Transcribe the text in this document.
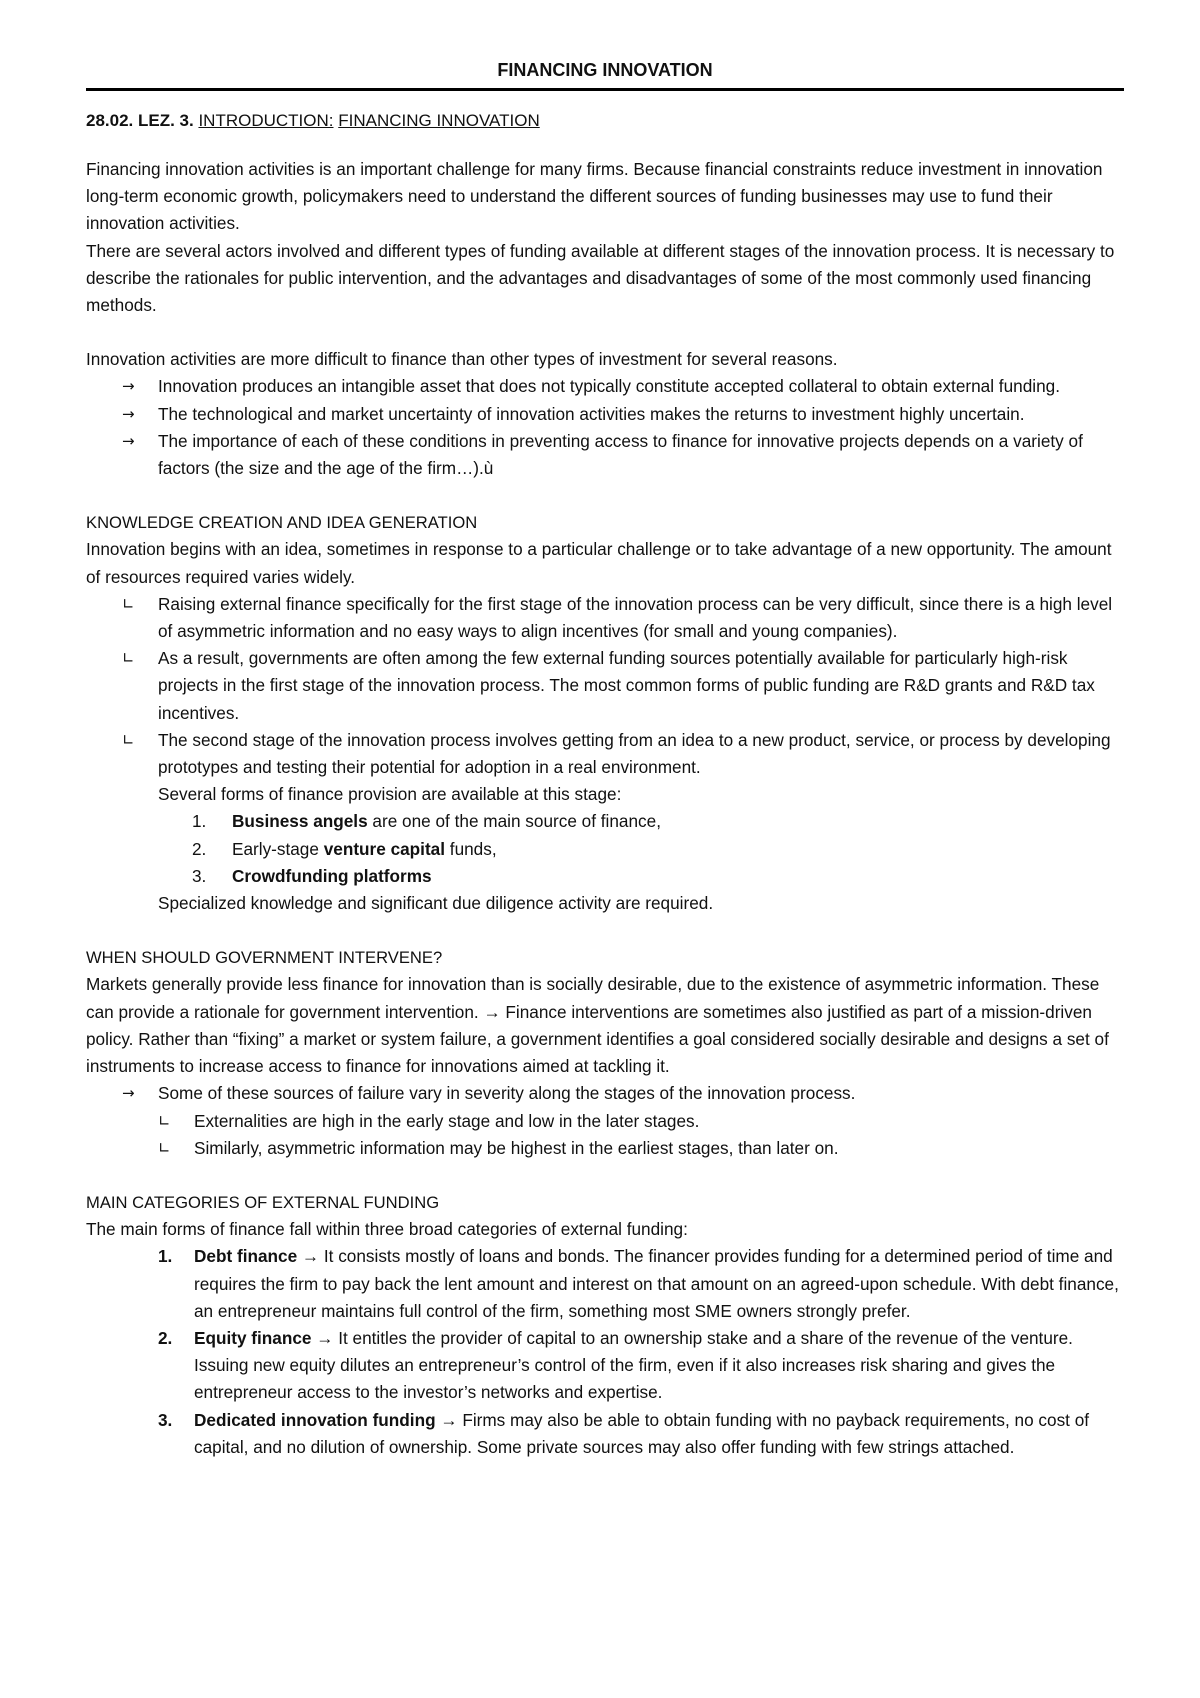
FINANCING INNOVATION
28.02. LEZ. 3. INTRODUCTION: FINANCING INNOVATION

Financing innovation activities is an important challenge for many firms. Because financial constraints reduce investment in innovation long-term economic growth, policymakers need to understand the different sources of funding businesses may use to fund their innovation activities.

There are several actors involved and different types of funding available at different stages of the innovation process. It is necessary to describe the rationales for public intervention, and the advantages and disadvantages of some of the most commonly used financing methods.

Innovation activities are more difficult to finance than other types of investment for several reasons.

→ Innovation produces an intangible asset that does not typically constitute accepted collateral to obtain external funding.
→ The technological and market uncertainty of innovation activities makes the returns to investment highly uncertain.
→ The importance of each of these conditions in preventing access to finance for innovative projects depends on a variety of factors (the size and the age of the firm…).ù

KNOWLEDGE CREATION AND IDEA GENERATION

Innovation begins with an idea, sometimes in response to a particular challenge or to take advantage of a new opportunity. The amount of resources required varies widely.

∟ Raising external finance specifically for the first stage of the innovation process can be very difficult, since there is a high level of asymmetric information and no easy ways to align incentives (for small and young companies).
∟ As a result, governments are often among the few external funding sources potentially available for particularly high-risk projects in the first stage of the innovation process. The most common forms of public funding are R&D grants and R&D tax incentives.
∟ The second stage of the innovation process involves getting from an idea to a new product, service, or process by developing prototypes and testing their potential for adoption in a real environment.
Several forms of finance provision are available at this stage:
1. Business angels are one of the main source of finance,
2. Early-stage venture capital funds,
3. Crowdfunding platforms
Specialized knowledge and significant due diligence activity are required.

WHEN SHOULD GOVERNMENT INTERVENE?

Markets generally provide less finance for innovation than is socially desirable, due to the existence of asymmetric information. These can provide a rationale for government intervention. → Finance interventions are sometimes also justified as part of a mission-driven policy. Rather than “fixing” a market or system failure, a government identifies a goal considered socially desirable and designs a set of instruments to increase access to finance for innovations aimed at tackling it.

→ Some of these sources of failure vary in severity along the stages of the innovation process.
∟ Externalities are high in the early stage and low in the later stages.
∟ Similarly, asymmetric information may be highest in the earliest stages, than later on.

MAIN CATEGORIES OF EXTERNAL FUNDING

The main forms of finance fall within three broad categories of external funding:

1. Debt finance → It consists mostly of loans and bonds. The financer provides funding for a determined period of time and requires the firm to pay back the lent amount and interest on that amount on an agreed-upon schedule. With debt finance, an entrepreneur maintains full control of the firm, something most SME owners strongly prefer.
2. Equity finance → It entitles the provider of capital to an ownership stake and a share of the revenue of the venture. Issuing new equity dilutes an entrepreneur’s control of the firm, even if it also increases risk sharing and gives the entrepreneur access to the investor’s networks and expertise.
3. Dedicated innovation funding → Firms may also be able to obtain funding with no payback requirements, no cost of capital, and no dilution of ownership. Some private sources may also offer funding with few strings attached.
